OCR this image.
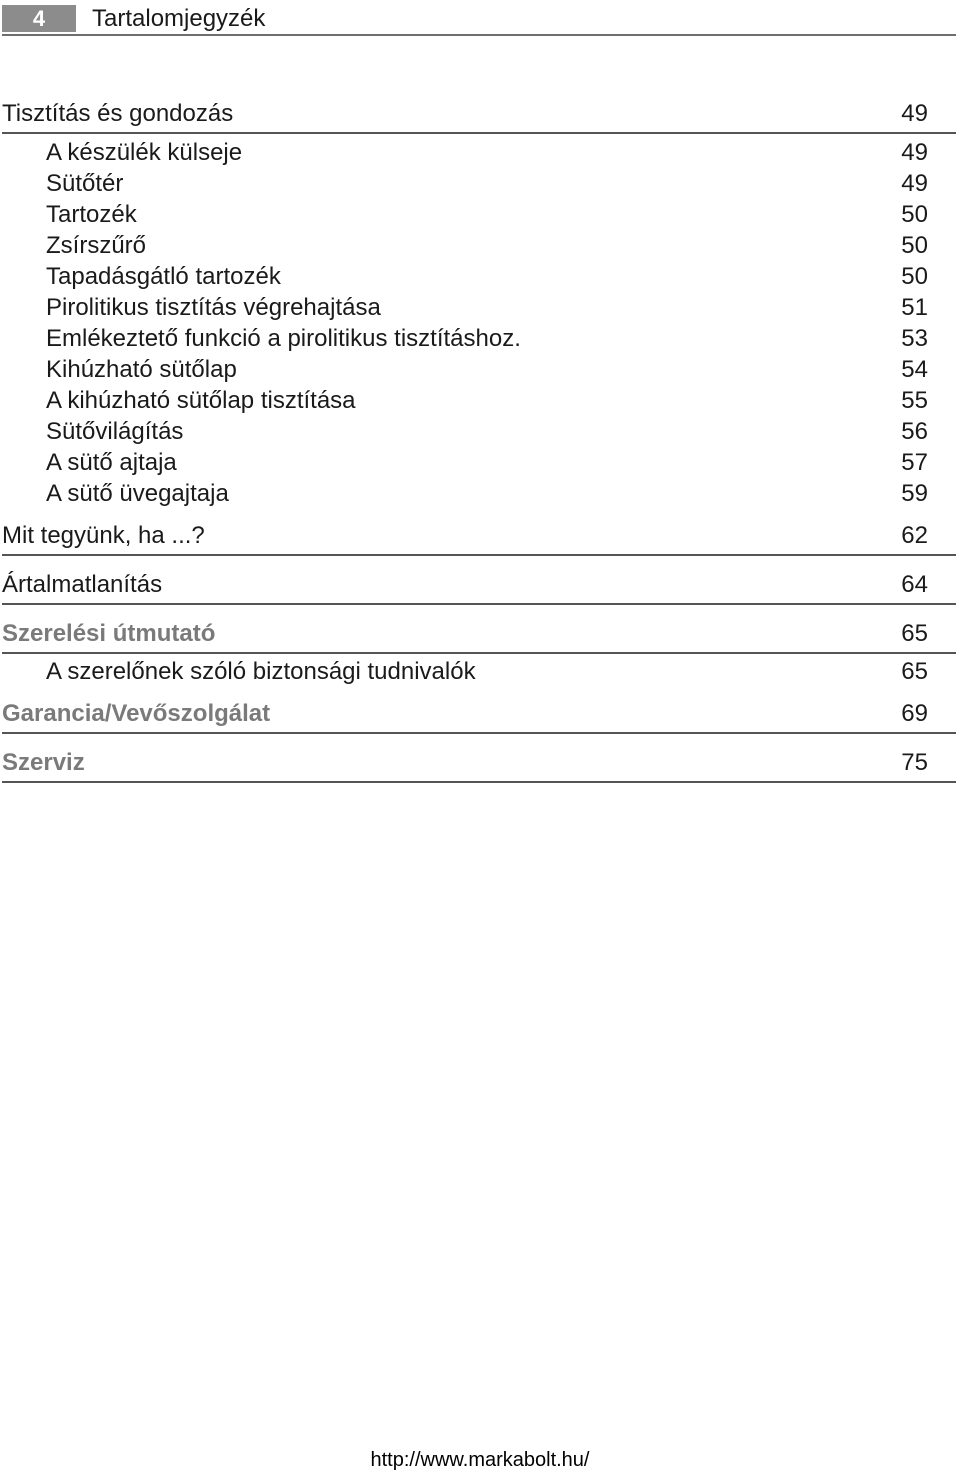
4	Tartalomjegyzék
Tisztítás és gondozás	49
A készülék külseje	49
Sütőtér	49
Tartozék	50
Zsírszűrő	50
Tapadásgátló tartozék	50
Pirolitikus tisztítás végrehajtása	51
Emlékeztető funkció a pirolitikus tisztításhoz.	53
Kihúzható sütőlap	54
A kihúzható sütőlap tisztítása	55
Sütővilágítás	56
A sütő ajtaja	57
A sütő üvegajtaja	59
Mit tegyünk, ha ...?	62
Ártalmatlanítás	64
Szerelési útmutató	65
A szerelőnek szóló biztonsági tudnivalók	65
Garancia/Vevőszolgálat	69
Szerviz	75
http://www.markabolt.hu/
